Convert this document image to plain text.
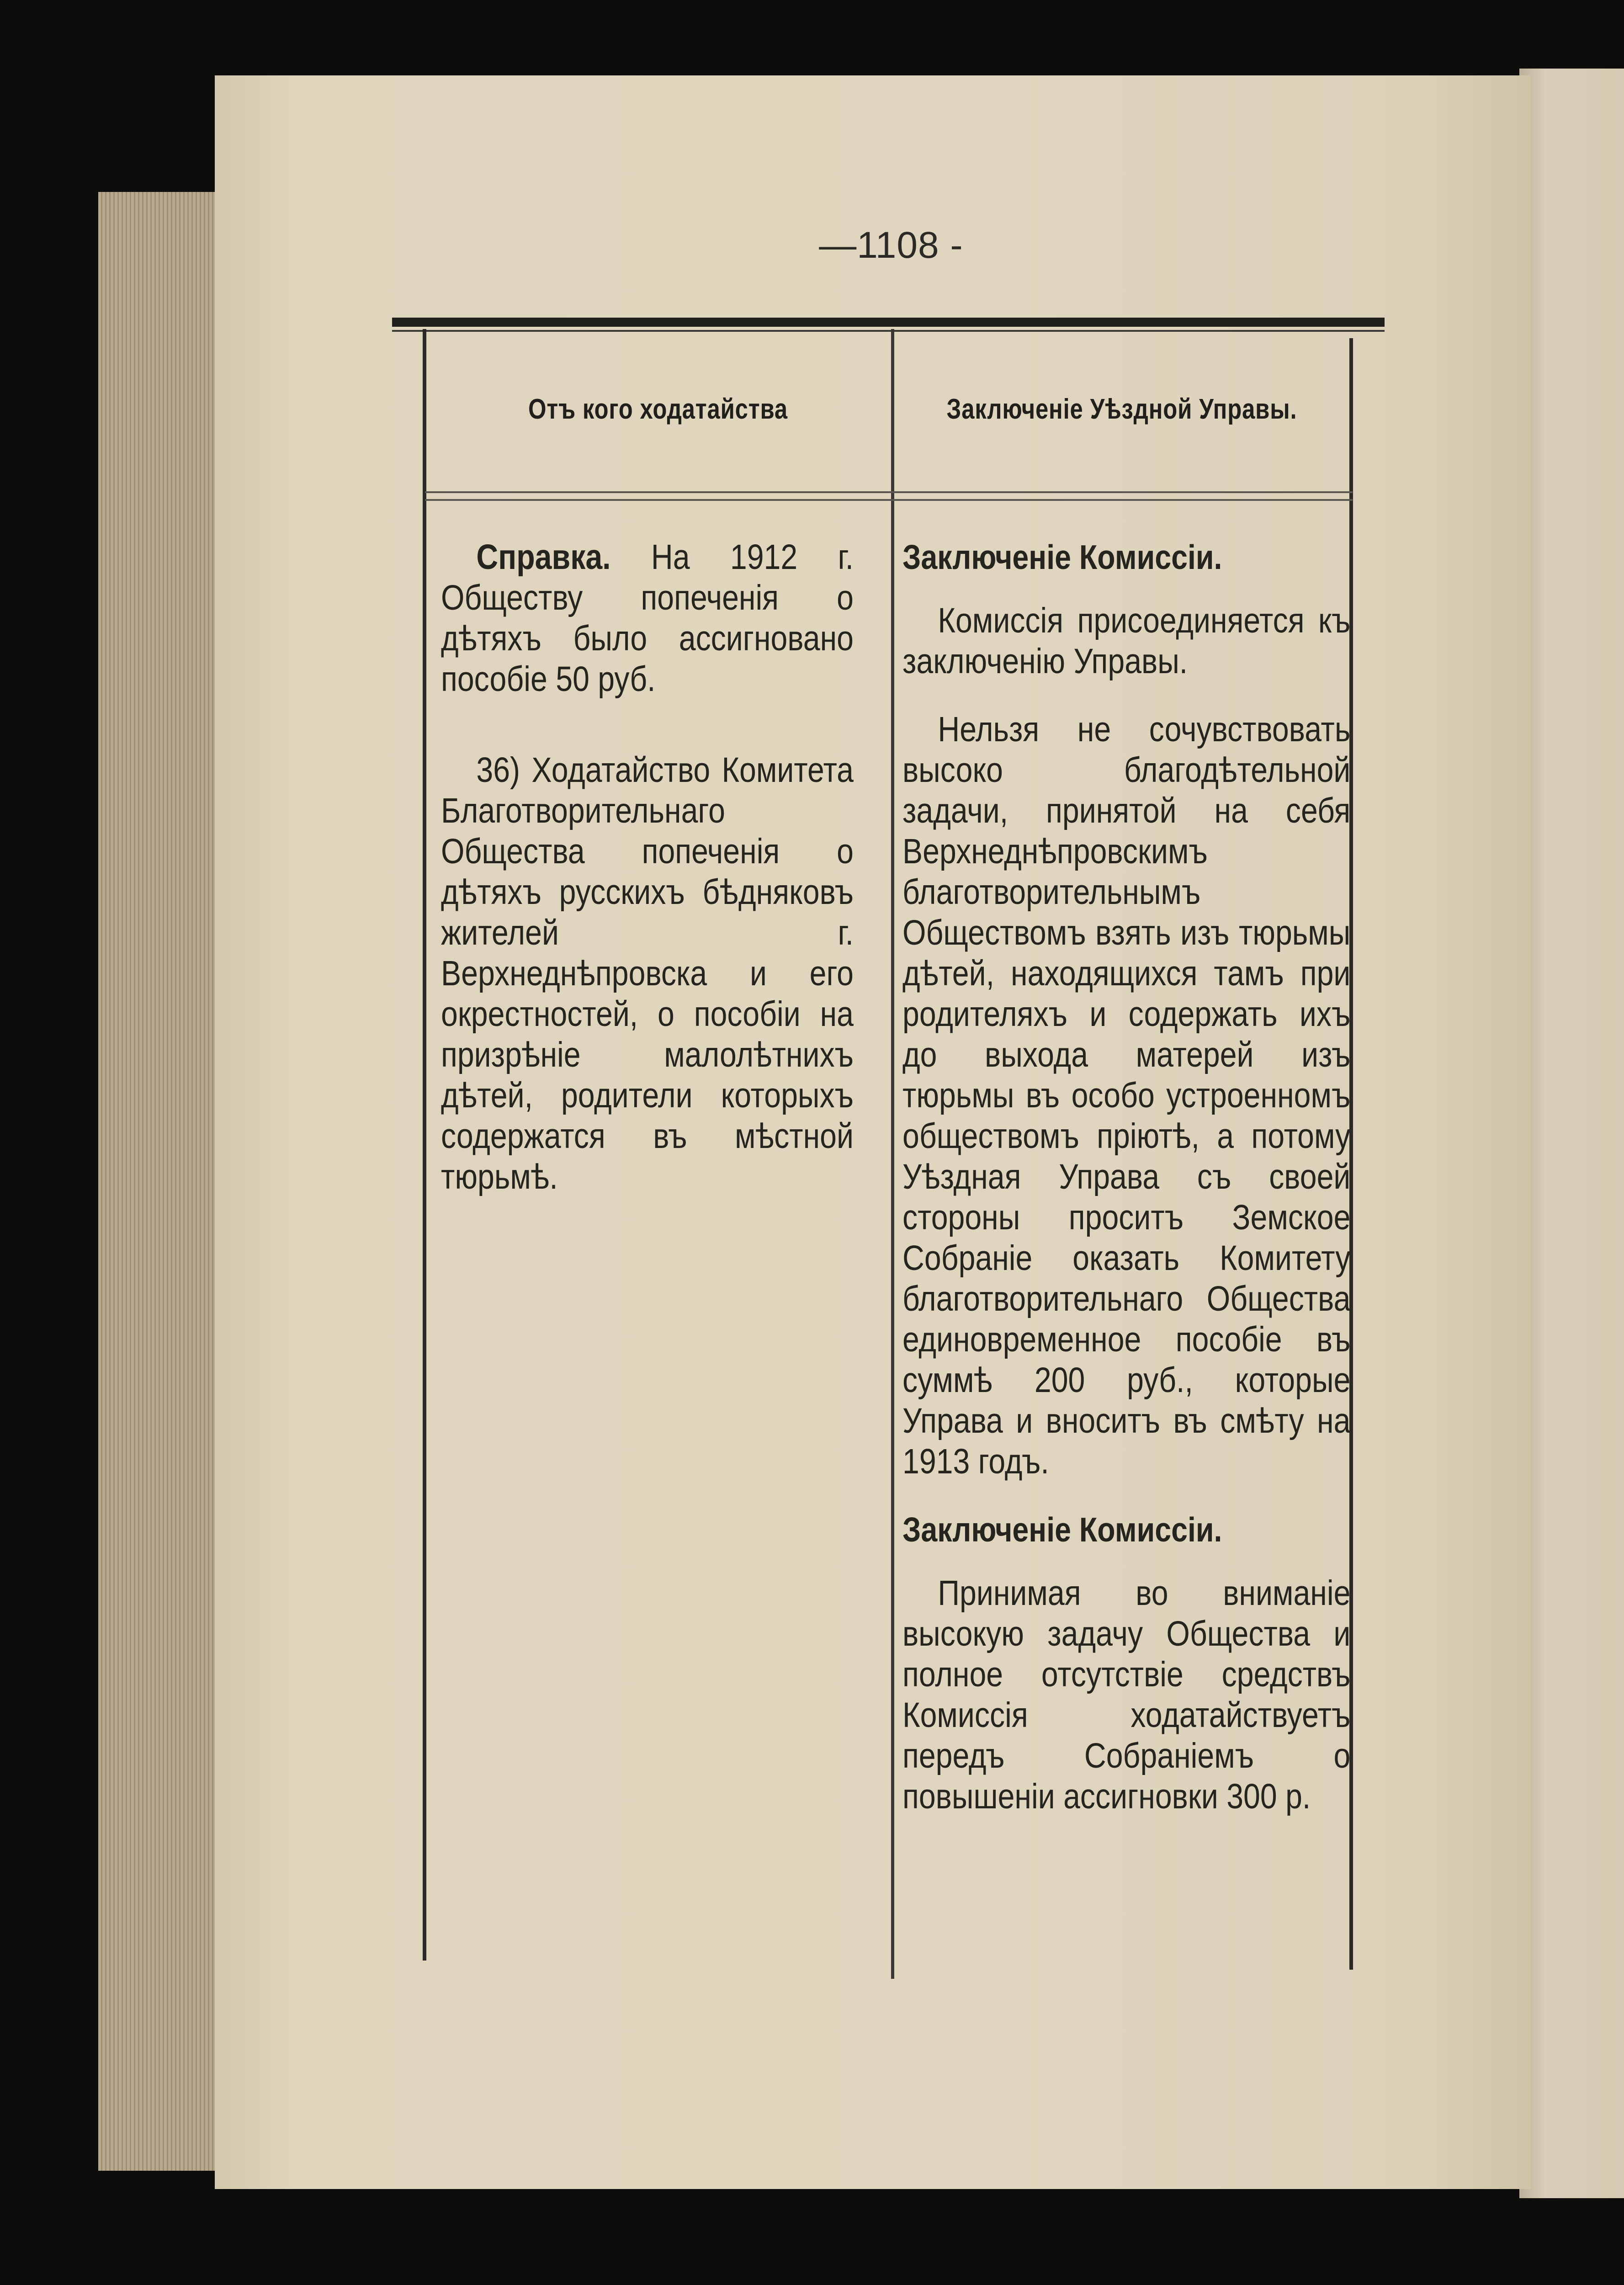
—1108 -
Отъ кого ходатайства	Заключеніе Уѣздной Управы.

Справка. На 1912 г. Обществу попеченія о дѣтяхъ было ассигновано пособіе 50 руб.

36) Ходатайство Комитета Благотворительнаго Общества попеченія о дѣтяхъ русскихъ бѣдняковъ жителей г. Верхнеднѣпровска и его окрестностей, о пособіи на призрѣніе малолѣтнихъ дѣтей, родители которыхъ содержатся въ мѣстной тюрьмѣ.

Заключеніе Комиссіи.

Комиссія присоединяется къ заключенію Управы.

Нельзя не сочувствовать высоко благодѣтельной задачи, принятой на себя Верхнеднѣпровскимъ благотворительнымъ Обществомъ взять изъ тюрьмы дѣтей, находящихся тамъ при родителяхъ и содержать ихъ до выхода матерей изъ тюрьмы въ особо устроенномъ обществомъ пріютѣ, а потому Уѣздная Управа съ своей стороны проситъ Земское Собраніе оказать Комитету благотворительнаго Общества единовременное пособіе въ суммѣ 200 руб., которые Управа и вноситъ въ смѣту на 1913 годъ.

Заключеніе Комиссіи.

Принимая во вниманіе высокую задачу Общества и полное отсутствіе средствъ Комиссія ходатайствуетъ передъ Собраніемъ о повышеніи ассигновки 300 р.
